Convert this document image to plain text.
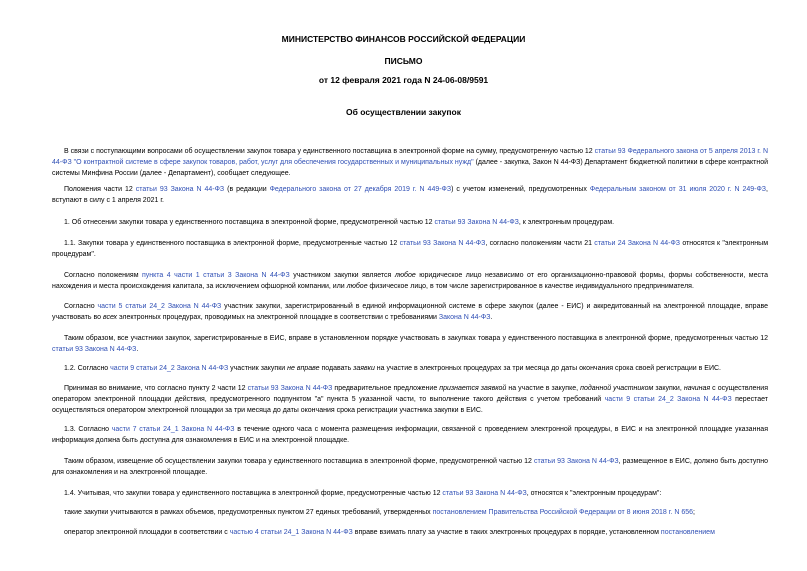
МИНИСТЕРСТВО ФИНАНСОВ РОССИЙСКОЙ ФЕДЕРАЦИИ
ПИСЬМО
от 12 февраля 2021 года N 24-06-08/9591
Об осуществлении закупок

В связи с поступающими вопросами об осуществлении закупок товара у единственного поставщика в электронной форме на сумму, предусмотренную частью 12 статьи 93 Федерального закона от 5 апреля 2013 г. N 44-ФЗ "О контрактной системе в сфере закупок товаров, работ, услуг для обеспечения государственных и муниципальных нужд" (далее - закупка, Закон N 44-ФЗ) Департамент бюджетной политики в сфере контрактной системы Минфина России (далее - Департамент), сообщает следующее.

Положения части 12 статьи 93 Закона N 44-ФЗ (в редакции Федерального закона от 27 декабря 2019 г. N 449-ФЗ) с учетом изменений, предусмотренных Федеральным законом от 31 июля 2020 г. N 249-ФЗ, вступают в силу с 1 апреля 2021 г.

1. Об отнесении закупки товара у единственного поставщика в электронной форме, предусмотренной частью 12 статьи 93 Закона N 44-ФЗ, к электронным процедурам.

1.1. Закупки товара у единственного поставщика в электронной форме, предусмотренные частью 12 статьи 93 Закона N 44-ФЗ, согласно положениям части 21 статьи 24 Закона N 44-ФЗ относятся к "электронным процедурам".

Согласно положениям пункта 4 части 1 статьи 3 Закона N 44-ФЗ участником закупки является любое юридическое лицо независимо от его организационно-правовой формы, формы собственности, места нахождения и места происхождения капитала, за исключением офшорной компании, или любое физическое лицо, в том числе зарегистрированное в качестве индивидуального предпринимателя.

Согласно части 5 статьи 24_2 Закона N 44-ФЗ участник закупки, зарегистрированный в единой информационной системе в сфере закупок (далее - ЕИС) и аккредитованный на электронной площадке, вправе участвовать во всех электронных процедурах, проводимых на электронной площадке в соответствии с требованиями Закона N 44-ФЗ.

Таким образом, все участники закупок, зарегистрированные в ЕИС, вправе в установленном порядке участвовать в закупках товара у единственного поставщика в электронной форме, предусмотренных частью 12 статьи 93 Закона N 44-ФЗ.

1.2. Согласно части 9 статьи 24_2 Закона N 44-ФЗ участник закупки не вправе подавать заявки на участие в электронных процедурах за три месяца до даты окончания срока своей регистрации в ЕИС.

Принимая во внимание, что согласно пункту 2 части 12 статьи 93 Закона N 44-ФЗ предварительное предложение признается заявкой на участие в закупке, поданной участником закупки, начиная с осуществления оператором электронной площадки действия, предусмотренного подпунктом "а" пункта 5 указанной части, то выполнение такого действия с учетом требований части 9 статьи 24_2 Закона N 44-ФЗ перестает осуществляться оператором электронной площадки за три месяца до даты окончания срока регистрации участника закупки в ЕИС.

1.3. Согласно части 7 статьи 24_1 Закона N 44-ФЗ в течение одного часа с момента размещения информации, связанной с проведением электронной процедуры, в ЕИС и на электронной площадке указанная информация должна быть доступна для ознакомления в ЕИС и на электронной площадке.

Таким образом, извещение об осуществлении закупки товара у единственного поставщика в электронной форме, предусмотренной частью 12 статьи 93 Закона N 44-ФЗ, размещенное в ЕИС, должно быть доступно для ознакомления и на электронной площадке.

1.4. Учитывая, что закупки товара у единственного поставщика в электронной форме, предусмотренные частью 12 статьи 93 Закона N 44-ФЗ, относятся к "электронным процедурам":

такие закупки учитываются в рамках объемов, предусмотренных пунктом 27 единых требований, утвержденных постановлением Правительства Российской Федерации от 8 июня 2018 г. N 656;

оператор электронной площадки в соответствии с частью 4 статьи 24_1 Закона N 44-ФЗ вправе взимать плату за участие в таких электронных процедурах в порядке, установленном постановлением
